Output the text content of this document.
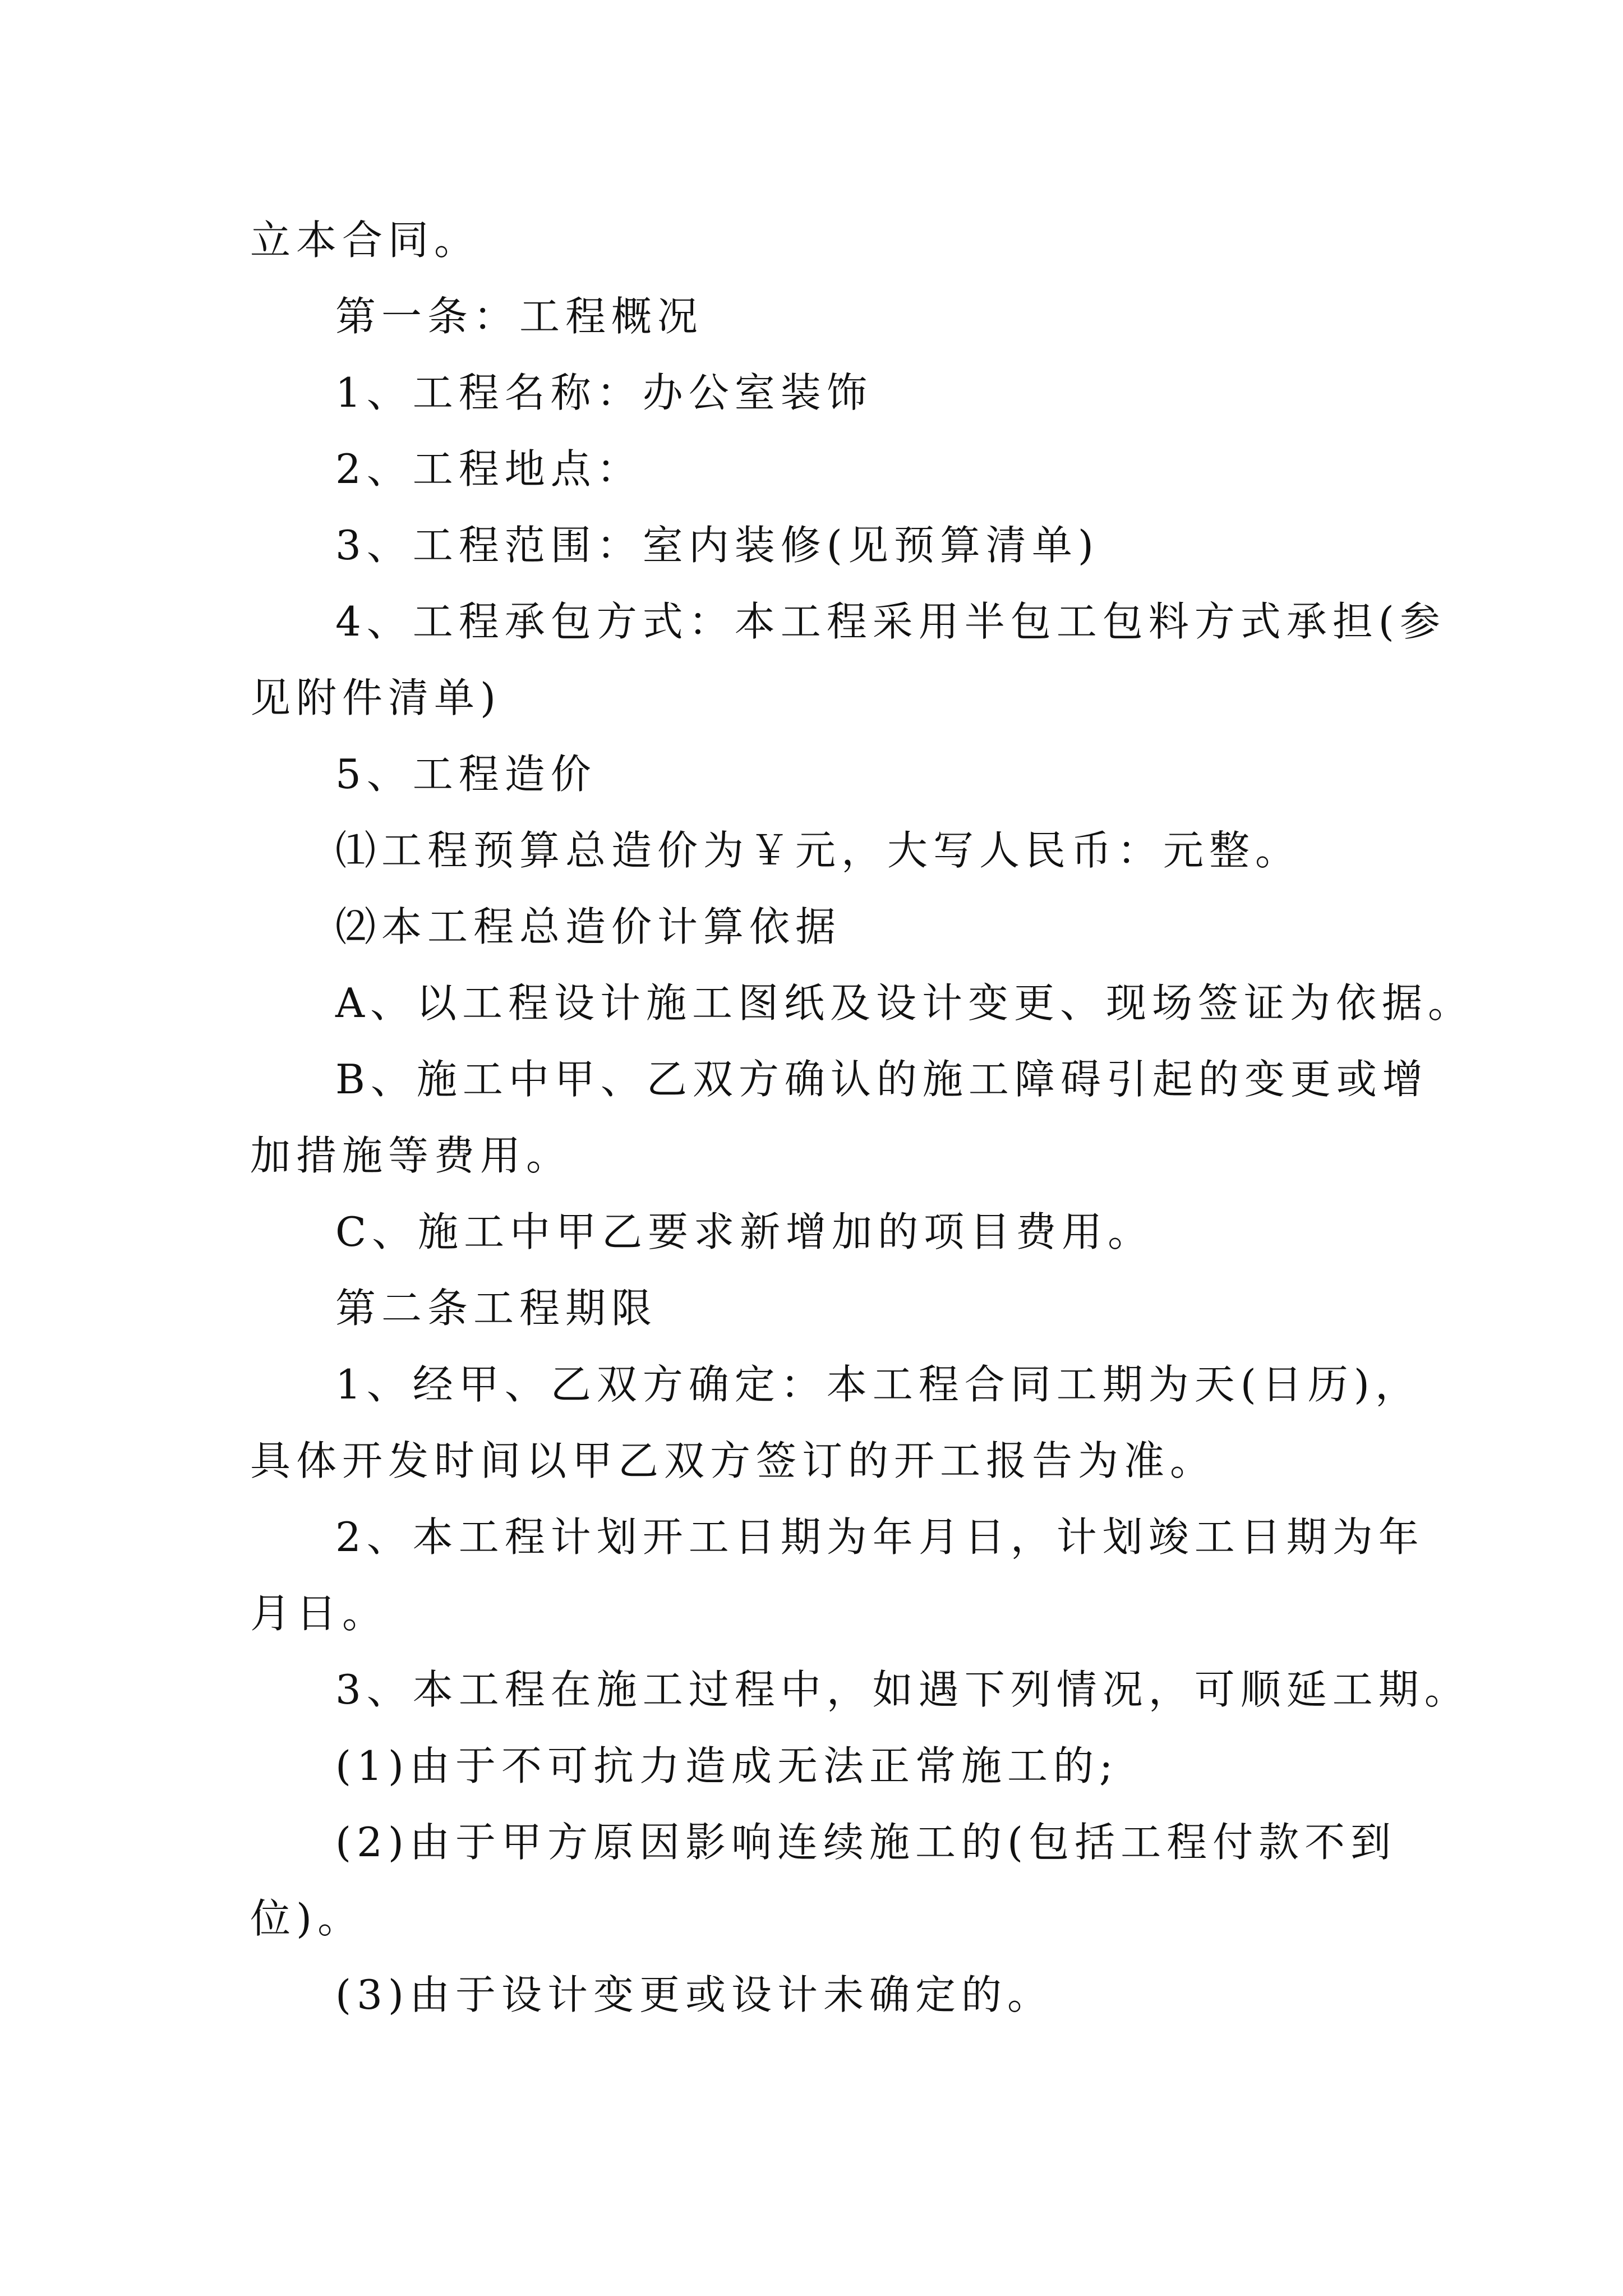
立本合同。
第一条：工程概况
1、工程名称：办公室装饰
2、工程地点：
3、工程范围：室内装修(见预算清单)
4、工程承包方式：本工程采用半包工包料方式承担(参
见附件清单)
5、工程造价
⑴工程预算总造价为￥元，大写人民币：元整。
⑵本工程总造价计算依据
A、以工程设计施工图纸及设计变更、现场签证为依据。
B、施工中甲、乙双方确认的施工障碍引起的变更或增
加措施等费用。
C、施工中甲乙要求新增加的项目费用。
第二条工程期限
1、经甲、乙双方确定：本工程合同工期为天(日历)，
具体开发时间以甲乙双方签订的开工报告为准。
2、本工程计划开工日期为年月日，计划竣工日期为年
月日。
3、本工程在施工过程中，如遇下列情况，可顺延工期。
(1)由于不可抗力造成无法正常施工的;
(2)由于甲方原因影响连续施工的(包括工程付款不到
位)。
(3)由于设计变更或设计未确定的。
